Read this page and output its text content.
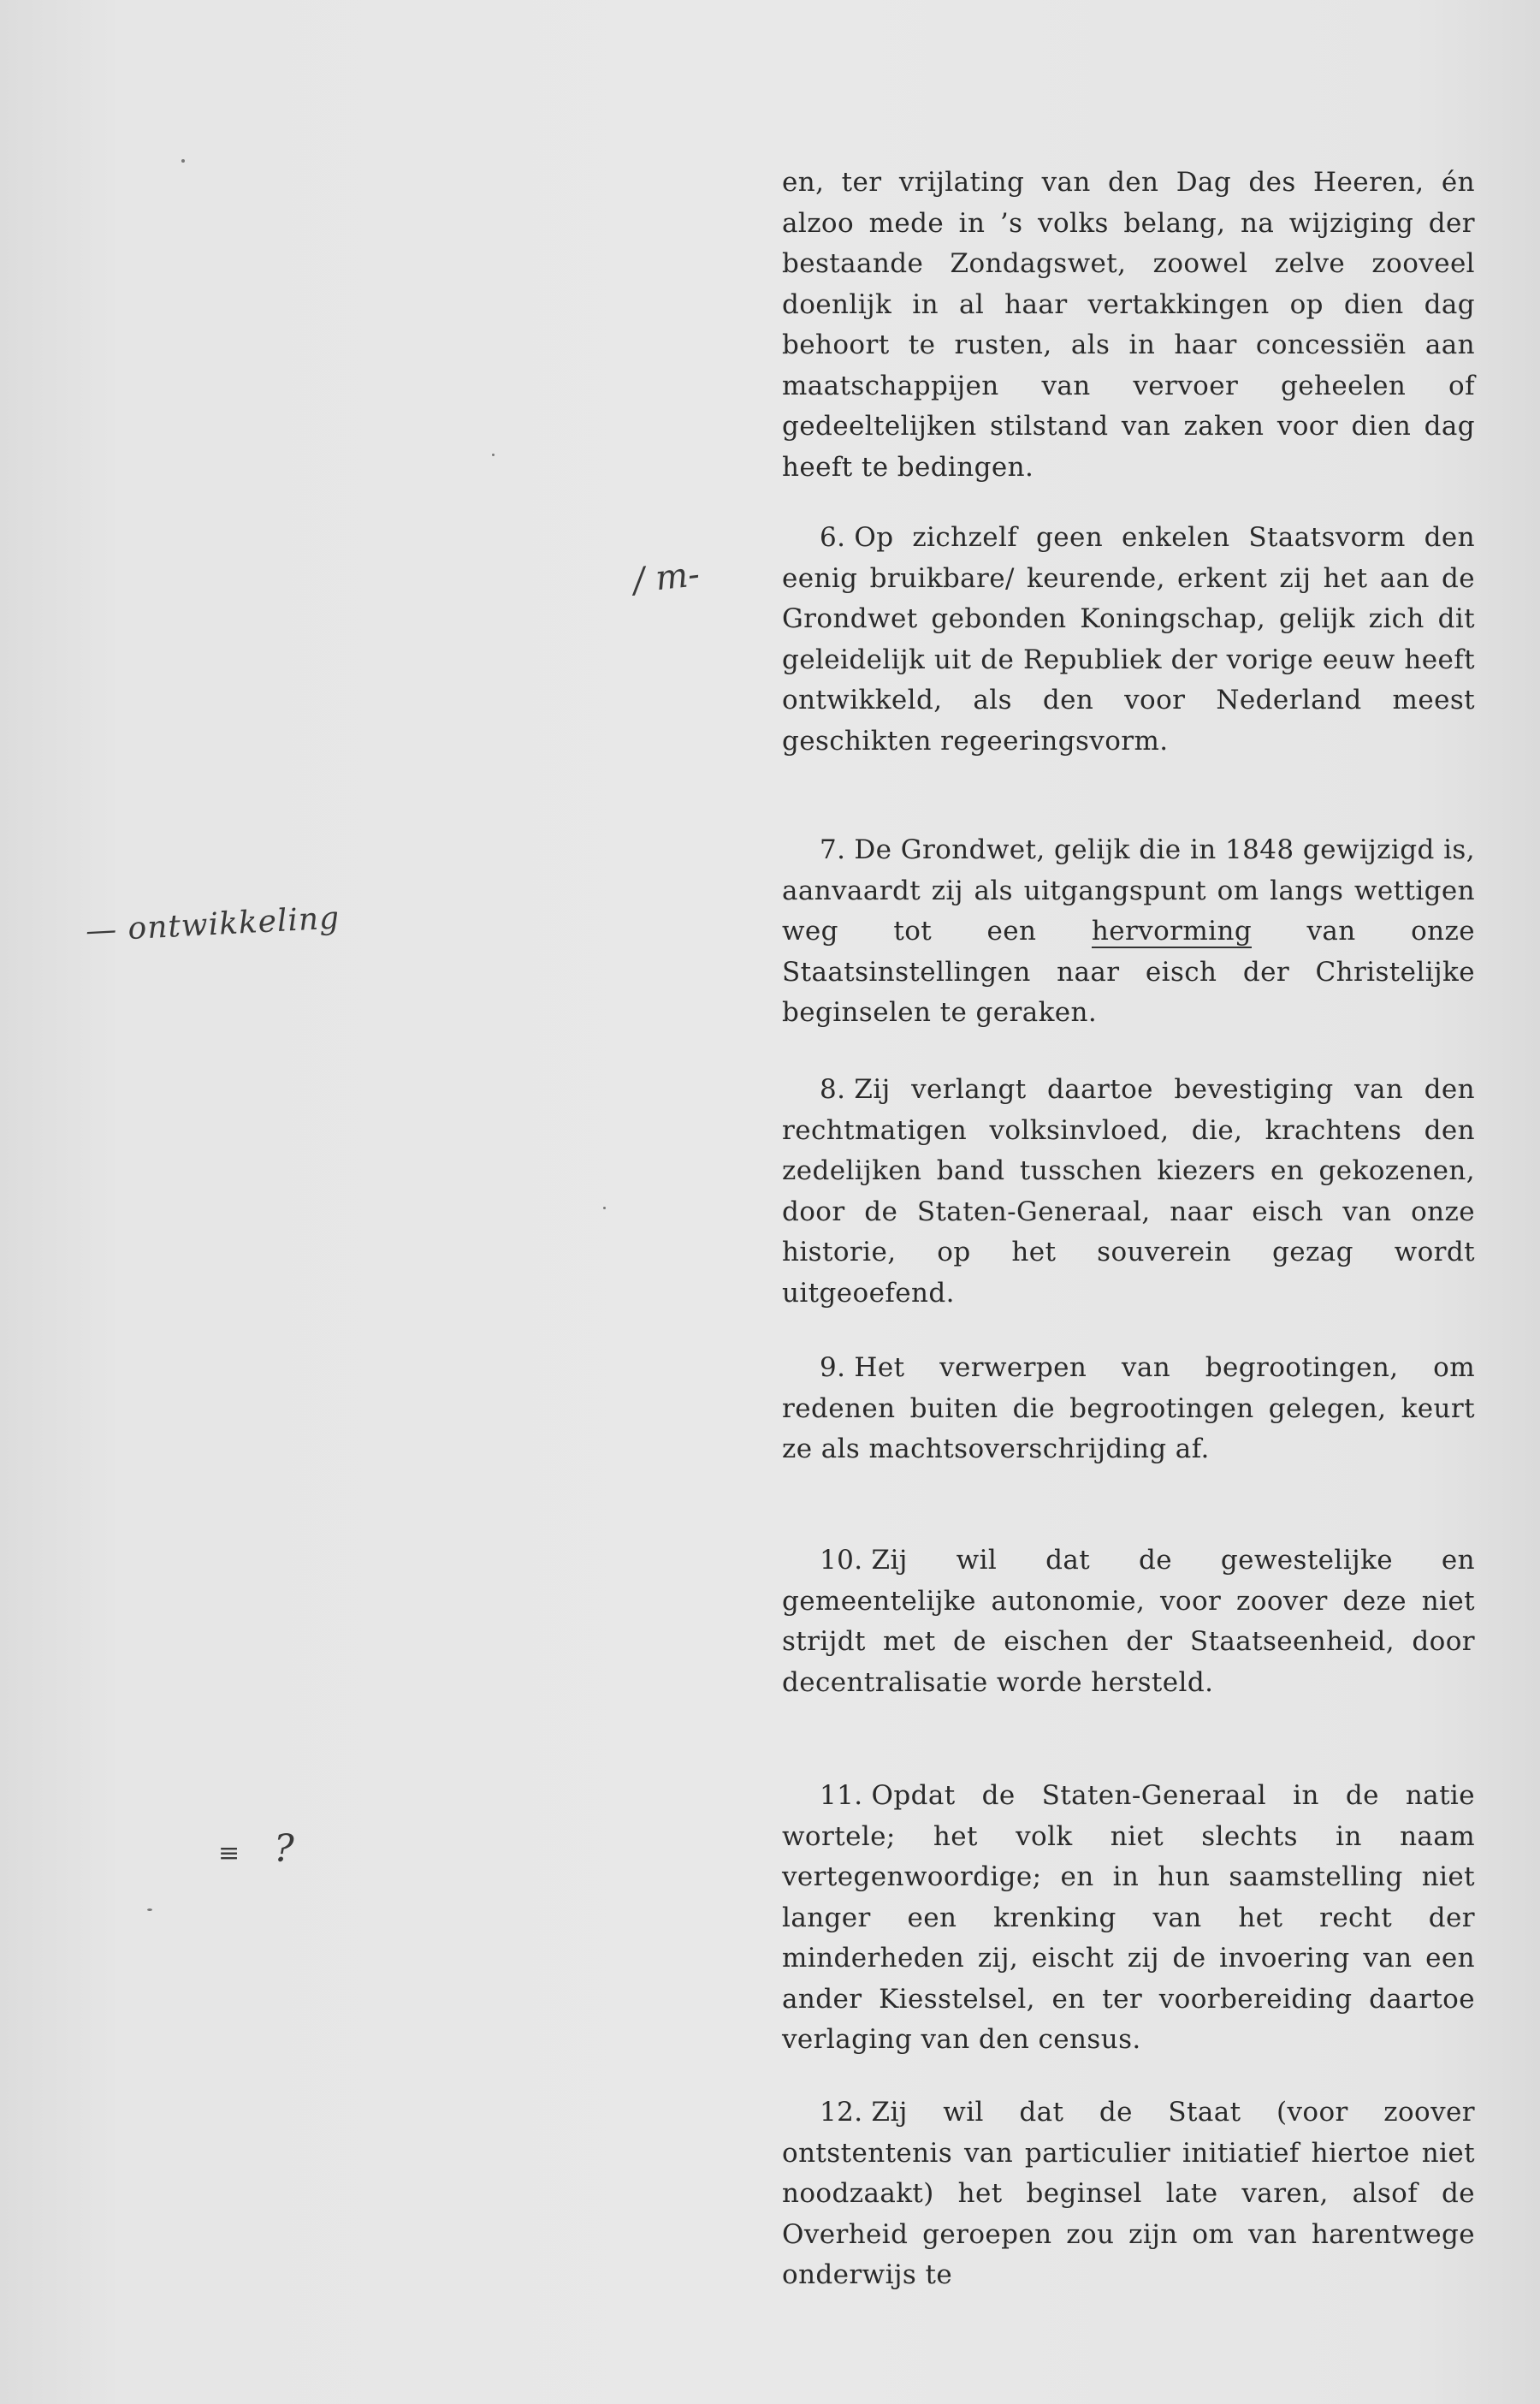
/ m-
— ontwikkeling
≡ ?

en, ter vrijlating van den Dag des Heeren, én alzoo mede in ’s volks belang, na wijziging der bestaande Zondagswet, zoowel zelve zooveel doenlijk in al haar vertakkingen op dien dag behoort te rusten, als in haar concessiën aan maatschappijen van vervoer geheelen of gedeeltelijken stilstand van zaken voor dien dag heeft te bedingen.

6. Op zichzelf geen enkelen Staatsvorm den eenig bruikbare/ keurende, erkent zij het aan de Grondwet gebonden Koningschap, gelijk zich dit geleidelijk uit de Republiek der vorige eeuw heeft ontwikkeld, als den voor Nederland meest geschikten regeeringsvorm.

7. De Grondwet, gelijk die in 1848 gewijzigd is, aanvaardt zij als uitgangspunt om langs wettigen weg tot een hervorming van onze Staatsinstellingen naar eisch der Christelijke beginselen te geraken.

8. Zij verlangt daartoe bevestiging van den rechtmatigen volksinvloed, die, krachtens den zedelijken band tusschen kiezers en gekozenen, door de Staten-Generaal, naar eisch van onze historie, op het souverein gezag wordt uitgeoefend.

9. Het verwerpen van begrootingen, om redenen buiten die begrootingen gelegen, keurt ze als machtsoverschrijding af.

10. Zij wil dat de gewestelijke en gemeentelijke autonomie, voor zoover deze niet strijdt met de eischen der Staatseenheid, door decentralisatie worde hersteld.

11. Opdat de Staten-Generaal in de natie wortele; het volk niet slechts in naam vertegenwoordige; en in hun saamstelling niet langer een krenking van het recht der minderheden zij, eischt zij de invoering van een ander Kiesstelsel, en ter voorbereiding daartoe verlaging van den census.

12. Zij wil dat de Staat (voor zoover ontstentenis van particulier initiatief hiertoe niet noodzaakt) het beginsel late varen, alsof de Overheid geroepen zou zijn om van harentwege onderwijs te
